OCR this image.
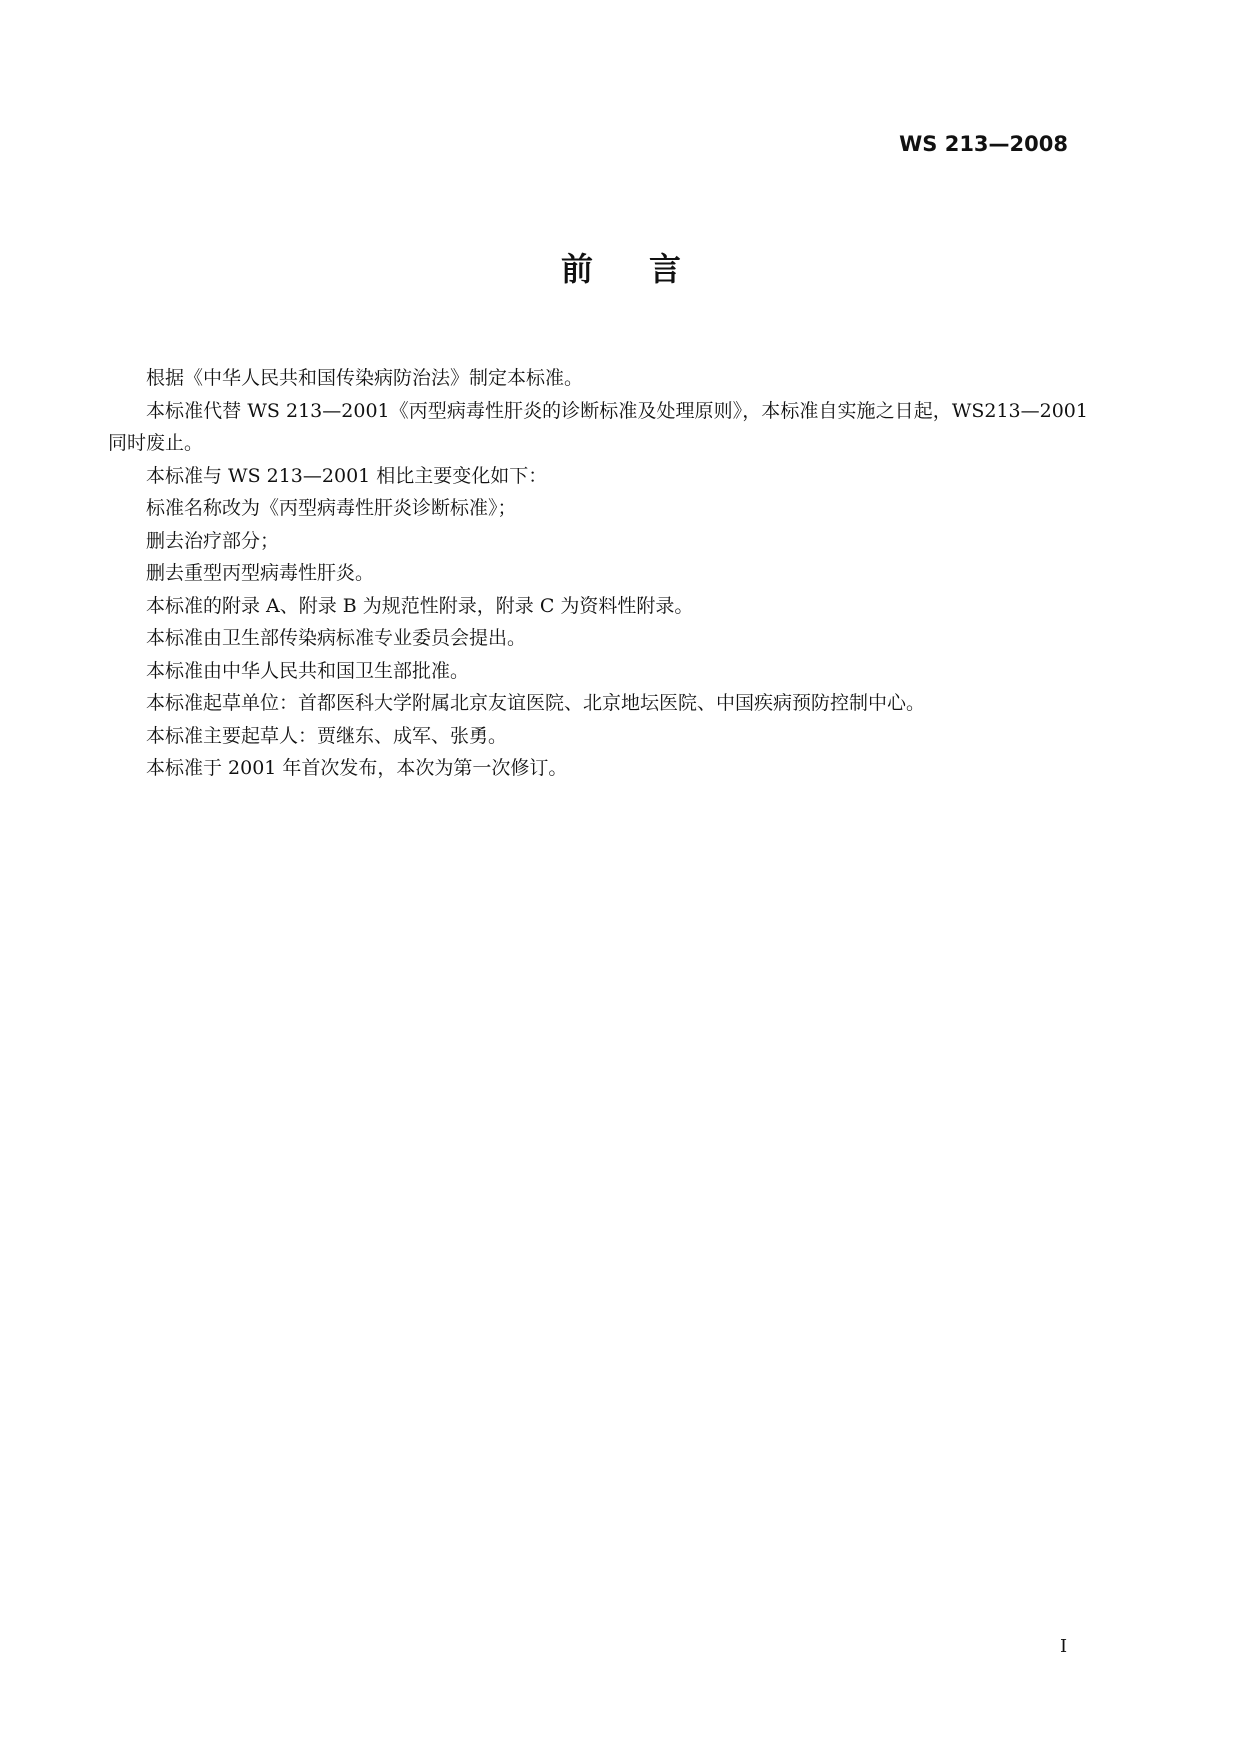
WS 213—2008
前 言

根据《中华人民共和国传染病防治法》制定本标准。

本标准代替 WS 213—2001《丙型病毒性肝炎的诊断标准及处理原则》，本标准自实施之日起，WS213—2001 同时废止。

本标准与 WS 213—2001 相比主要变化如下：

标准名称改为《丙型病毒性肝炎诊断标准》；

删去治疗部分；

删去重型丙型病毒性肝炎。

本标准的附录 A、附录 B 为规范性附录，附录 C 为资料性附录。

本标准由卫生部传染病标准专业委员会提出。

本标准由中华人民共和国卫生部批准。

本标准起草单位：首都医科大学附属北京友谊医院、北京地坛医院、中国疾病预防控制中心。

本标准主要起草人：贾继东、成军、张勇。

本标准于 2001 年首次发布，本次为第一次修订。

I
